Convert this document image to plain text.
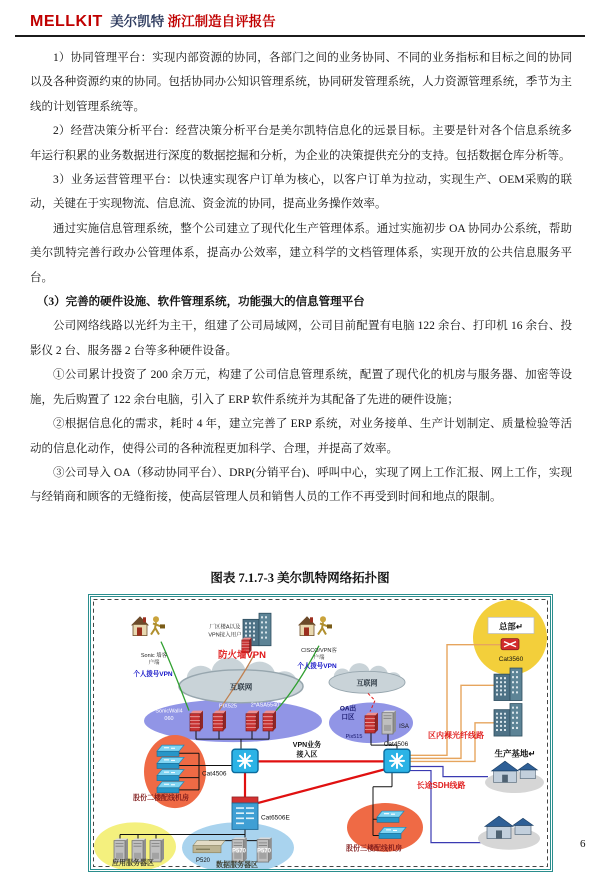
MELLKIT 美尔凯特 浙江制造自评报告

1）协同管理平台：实现内部资源的协同，各部门之间的业务协同、不同的业务指标和目标之间的协同以及各种资源约束的协同。包括协同办公知识管理系统，协同研发管理系统，人力资源管理系统，季节为主线的计划管理系统等。

2）经营决策分析平台：经营决策分析平台是美尔凯特信息化的远景目标。主要是针对各个信息系统多年运行积累的业务数据进行深度的数据挖掘和分析，为企业的决策提供充分的支持。包括数据仓库分析等。

3）业务运营管理平台：以快速实现客户订单为核心，以客户订单为拉动，实现生产、OEM采购的联动，关键在于实现物流、信息流、资金流的协同，提高业务操作效率。

通过实施信息管理系统，整个公司建立了现代化生产管理体系。通过实施初步 OA 协同办公系统，帮助美尔凯特完善行政办公管理体系，提高办公效率，建立科学的文档管理体系，实现开放的公共信息服务平台。

（3）完善的硬件设施、软件管理系统，功能强大的信息管理平台

公司网络线路以光纤为主干，组建了公司局域网，公司目前配置有电脑 122 余台、打印机 16 余台、投影仪 2 台、服务器 2 台等多种硬件设备。

①公司累计投资了 200 余万元，构建了公司信息管理系统，配置了现代化的机房与服务器、加密等设施，先后购置了 122 余台电脑，引入了 ERP 软件系统并为其配备了先进的硬件设施；

②根据信息化的需求，耗时 4 年，建立完善了 ERP 系统，对业务接单、生产计划制定、质量检验等活动的信息化动作，使得公司的各种流程更加科学、合理，并提高了效率。

③公司导入 OA（移动协同平台）、DRP(分销平台)、呼叫中心，实现了网上工作汇报、网上工作，实现与经销商和顾客的无缝衔接，使高层管理人员和销售人员的工作不再受到时间和地点的限制。

图表 7.1.7-3 美尔凯特网络拓扑图
Sonic 墙客
户端
个人拨号VPN
厂区楼A以及
VPN接入用户
防火墙VPN	CISCO/VPN客
户端
个人拨号VPN
互联网	互联网
SonicWall4
060
PIX525	2*ASA5540
OA出
口区
Pix515
ISA
VPN业务
接入区
Cat4506
区内裸光纤线路
长途SDH线路
股份二楼配线机房
股份三楼配线机房
应用服务器区	数据服务器区
P520
P570 P570
总部↵
Cat3560
生产基地↵
Cat4506
Cat6506E
6
